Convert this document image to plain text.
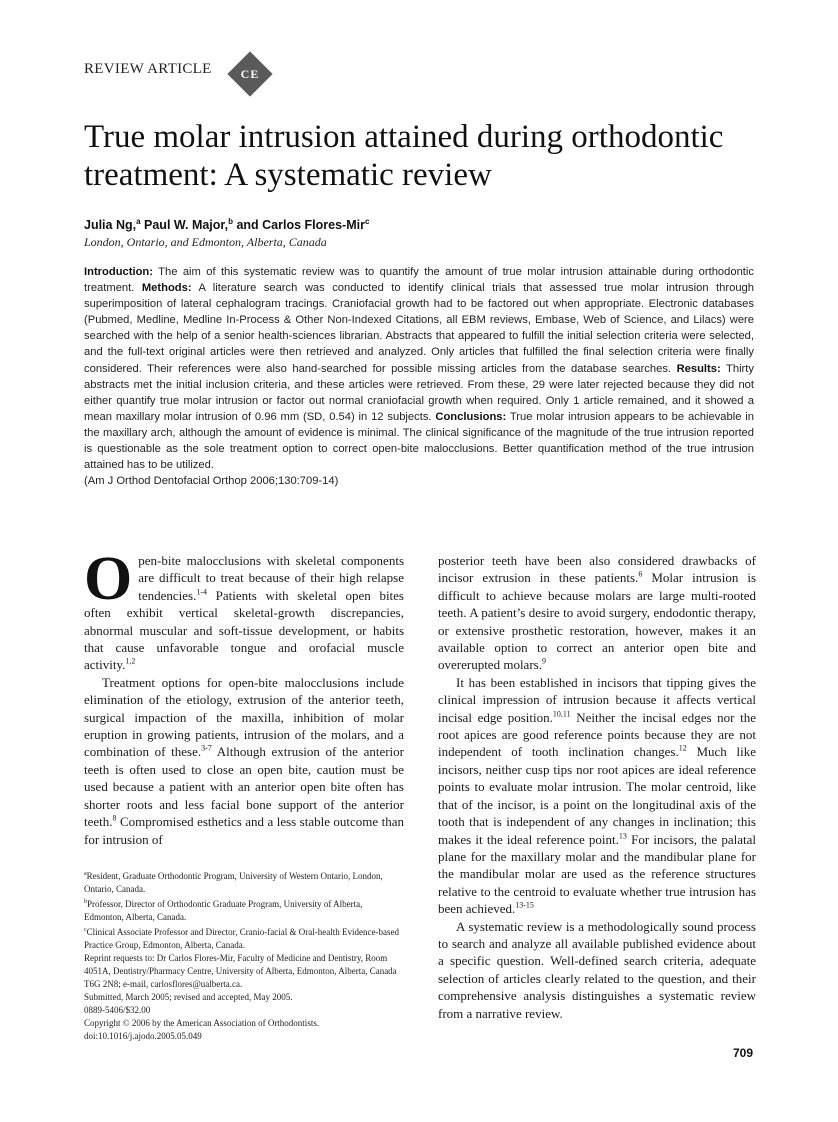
REVIEW ARTICLE	CE
True molar intrusion attained during orthodontic treatment: A systematic review
Julia Ng,$^a$ Paul W. Major,$^b$ and Carlos Flores-Mir$^c$
London, Ontario, and Edmonton, Alberta, Canada

Introduction: The aim of this systematic review was to quantify the amount of true molar intrusion attainable during orthodontic treatment. Methods: A literature search was conducted to identify clinical trials that assessed true molar intrusion through superimposition of lateral cephalogram tracings. Craniofacial growth had to be factored out when appropriate. Electronic databases (Pubmed, Medline, Medline In-Process & Other Non-Indexed Citations, all EBM reviews, Embase, Web of Science, and Lilacs) were searched with the help of a senior health-sciences librarian. Abstracts that appeared to fulfill the initial selection criteria were selected, and the full-text original articles were then retrieved and analyzed. Only articles that fulfilled the final selection criteria were finally considered. Their references were also hand-searched for possible missing articles from the database searches. Results: Thirty abstracts met the initial inclusion criteria, and these articles were retrieved. From these, 29 were later rejected because they did not either quantify true molar intrusion or factor out normal craniofacial growth when required. Only 1 article remained, and it showed a mean maxillary molar intrusion of 0.96 mm (SD, 0.54) in 12 subjects. Conclusions: True molar intrusion appears to be achievable in the maxillary arch, although the amount of evidence is minimal. The clinical significance of the magnitude of the true intrusion reported is questionable as the sole treatment option to correct open-bite malocclusions. Better quantification method of the true intrusion attained has to be utilized.
(Am J Orthod Dentofacial Orthop 2006;130:709-14)

Open-bite malocclusions with skeletal components are difficult to treat because of their high relapse tendencies.$^{1-4}$ Patients with skeletal open bites often exhibit vertical skeletal-growth discrepancies, abnormal muscular and soft-tissue development, or habits that cause unfavorable tongue and orofacial muscle activity.$^{1,2}$

Treatment options for open-bite malocclusions include elimination of the etiology, extrusion of the anterior teeth, surgical impaction of the maxilla, inhibition of molar eruption in growing patients, intrusion of the molars, and a combination of these.$^{3-7}$ Although extrusion of the anterior teeth is often used to close an open bite, caution must be used because a patient with an anterior open bite often has shorter roots and less facial bone support of the anterior teeth.$^8$ Compromised esthetics and a less stable outcome than for intrusion of

$^a$Resident, Graduate Orthodontic Program, University of Western Ontario, London, Ontario, Canada.

$^b$Professor, Director of Orthodontic Graduate Program, University of Alberta, Edmonton, Alberta, Canada.

$^c$Clinical Associate Professor and Director, Cranio-facial & Oral-health Evidence-based Practice Group, Edmonton, Alberta, Canada.

Reprint requests to: Dr Carlos Flores-Mir, Faculty of Medicine and Dentistry, Room 4051A, Dentistry/Pharmacy Centre, University of Alberta, Edmonton, Alberta, Canada T6G 2N8; e-mail, carlosflores@ualberta.ca.

Submitted, March 2005; revised and accepted, May 2005.

0889-5406/$32.00

Copyright © 2006 by the American Association of Orthodontists.

doi:10.1016/j.ajodo.2005.05.049

posterior teeth have been also considered drawbacks of incisor extrusion in these patients.$^6$ Molar intrusion is difficult to achieve because molars are large multi-rooted teeth. A patient’s desire to avoid surgery, endodontic therapy, or extensive prosthetic restoration, however, makes it an available option to correct an anterior open bite and overerupted molars.$^9$

It has been established in incisors that tipping gives the clinical impression of intrusion because it affects vertical incisal edge position.$^{10,11}$ Neither the incisal edges nor the root apices are good reference points because they are not independent of tooth inclination changes.$^{12}$ Much like incisors, neither cusp tips nor root apices are ideal reference points to evaluate molar intrusion. The molar centroid, like that of the incisor, is a point on the longitudinal axis of the tooth that is independent of any changes in inclination; this makes it the ideal reference point.$^{13}$ For incisors, the palatal plane for the maxillary molar and the mandibular plane for the mandibular molar are used as the reference structures relative to the centroid to evaluate whether true intrusion has been achieved.$^{13-15}$

A systematic review is a methodologically sound process to search and analyze all available published evidence about a specific question. Well-defined search criteria, adequate selection of articles clearly related to the question, and their comprehensive analysis distinguishes a systematic review from a narrative review.

709
